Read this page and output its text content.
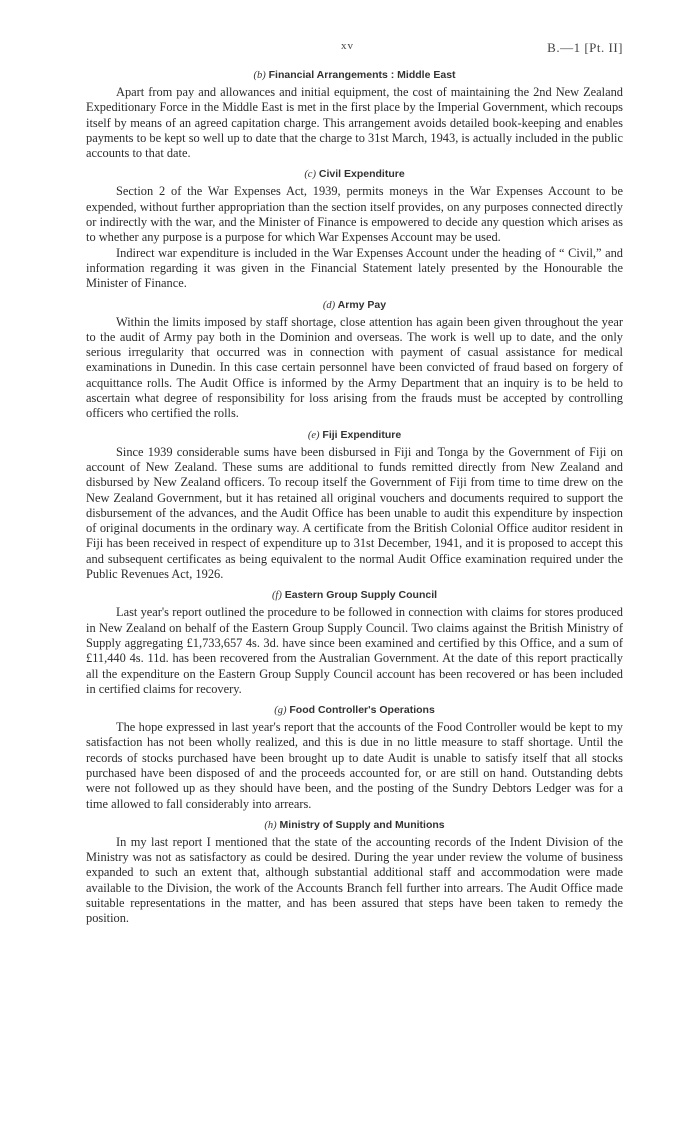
xv	B.—1 [Pt. II]
(b) Financial Arrangements : Middle East

Apart from pay and allowances and initial equipment, the cost of maintaining the 2nd New Zealand Expeditionary Force in the Middle East is met in the first place by the Imperial Government, which recoups itself by means of an agreed capitation charge. This arrangement avoids detailed book-keeping and enables payments to be kept so well up to date that the charge to 31st March, 1943, is actually included in the public accounts to that date.

(c) Civil Expenditure

Section 2 of the War Expenses Act, 1939, permits moneys in the War Expenses Account to be expended, without further appropriation than the section itself provides, on any purposes connected directly or indirectly with the war, and the Minister of Finance is empowered to decide any question which arises as to whether any purpose is a purpose for which War Expenses Account may be used.

Indirect war expenditure is included in the War Expenses Account under the heading of “ Civil,” and information regarding it was given in the Financial Statement lately presented by the Honourable the Minister of Finance.

(d) Army Pay

Within the limits imposed by staff shortage, close attention has again been given throughout the year to the audit of Army pay both in the Dominion and overseas. The work is well up to date, and the only serious irregularity that occurred was in connection with payment of casual assistance for medical examinations in Dunedin. In this case certain personnel have been convicted of fraud based on forgery of acquittance rolls. The Audit Office is informed by the Army Department that an inquiry is to be held to ascertain what degree of responsibility for loss arising from the frauds must be accepted by controlling officers who certified the rolls.

(e) Fiji Expenditure

Since 1939 considerable sums have been disbursed in Fiji and Tonga by the Government of Fiji on account of New Zealand. These sums are additional to funds remitted directly from New Zealand and disbursed by New Zealand officers. To recoup itself the Government of Fiji from time to time drew on the New Zealand Government, but it has retained all original vouchers and documents required to support the disbursement of the advances, and the Audit Office has been unable to audit this expenditure by inspection of original documents in the ordinary way. A certificate from the British Colonial Office auditor resident in Fiji has been received in respect of expenditure up to 31st December, 1941, and it is proposed to accept this and subsequent certificates as being equivalent to the normal Audit Office examination required under the Public Revenues Act, 1926.

(f) Eastern Group Supply Council

Last year's report outlined the procedure to be followed in connection with claims for stores produced in New Zealand on behalf of the Eastern Group Supply Council. Two claims against the British Ministry of Supply aggregating £1,733,657 4s. 3d. have since been examined and certified by this Office, and a sum of £11,440 4s. 11d. has been recovered from the Australian Government. At the date of this report practically all the expenditure on the Eastern Group Supply Council account has been recovered or has been included in certified claims for recovery.

(g) Food Controller's Operations

The hope expressed in last year's report that the accounts of the Food Controller would be kept to my satisfaction has not been wholly realized, and this is due in no little measure to staff shortage. Until the records of stocks purchased have been brought up to date Audit is unable to satisfy itself that all stocks purchased have been disposed of and the proceeds accounted for, or are still on hand. Outstanding debts were not followed up as they should have been, and the posting of the Sundry Debtors Ledger was for a time allowed to fall considerably into arrears.

(h) Ministry of Supply and Munitions

In my last report I mentioned that the state of the accounting records of the Indent Division of the Ministry was not as satisfactory as could be desired. During the year under review the volume of business expanded to such an extent that, although substantial additional staff and accommodation were made available to the Division, the work of the Accounts Branch fell further into arrears. The Audit Office made suitable representations in the matter, and has been assured that steps have been taken to remedy the position.
